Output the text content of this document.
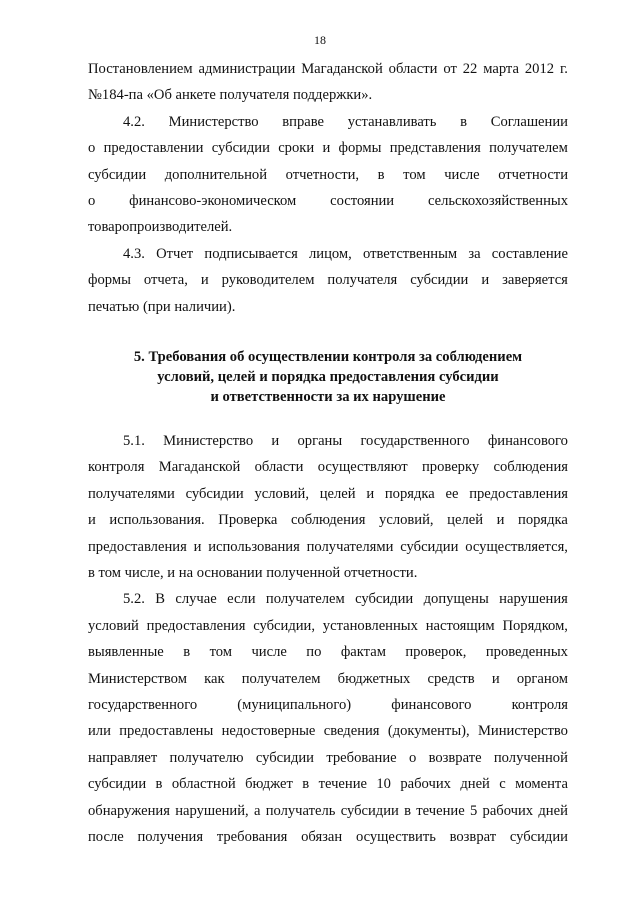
18

Постановлением администрации Магаданской области от 22 марта 2012 г.
№184-па «Об анкете получателя поддержки».

4.2. Министерство вправе устанавливать в Соглашении
о предоставлении субсидии сроки и формы представления получателем
субсидии дополнительной отчетности, в том числе отчетности
о финансово-экономическом состоянии сельскохозяйственных
товаропроизводителей.

4.3. Отчет подписывается лицом, ответственным за составление
формы отчета, и руководителем получателя субсидии и заверяется
печатью (при наличии).

5. Требования об осуществлении контроля за соблюдением
условий, целей и порядка предоставления субсидии
и ответственности за их нарушение

5.1. Министерство и органы государственного финансового
контроля Магаданской области осуществляют проверку соблюдения
получателями субсидии условий, целей и порядка ее предоставления
и использования. Проверка соблюдения условий, целей и порядка
предоставления и использования получателями субсидии осуществляется,
в том числе, и на основании полученной отчетности.

5.2. В случае если получателем субсидии допущены нарушения
условий предоставления субсидии, установленных настоящим Порядком,
выявленные в том числе по фактам проверок, проведенных
Министерством как получателем бюджетных средств и органом
государственного	(муниципального)	финансового	контроля
или предоставлены недостоверные сведения (документы), Министерство
направляет получателю субсидии требование о возврате полученной
субсидии в областной бюджет в течение 10 рабочих дней с момента
обнаружения нарушений, а получатель субсидии в течение 5 рабочих дней
после получения требования обязан осуществить возврат субсидии
